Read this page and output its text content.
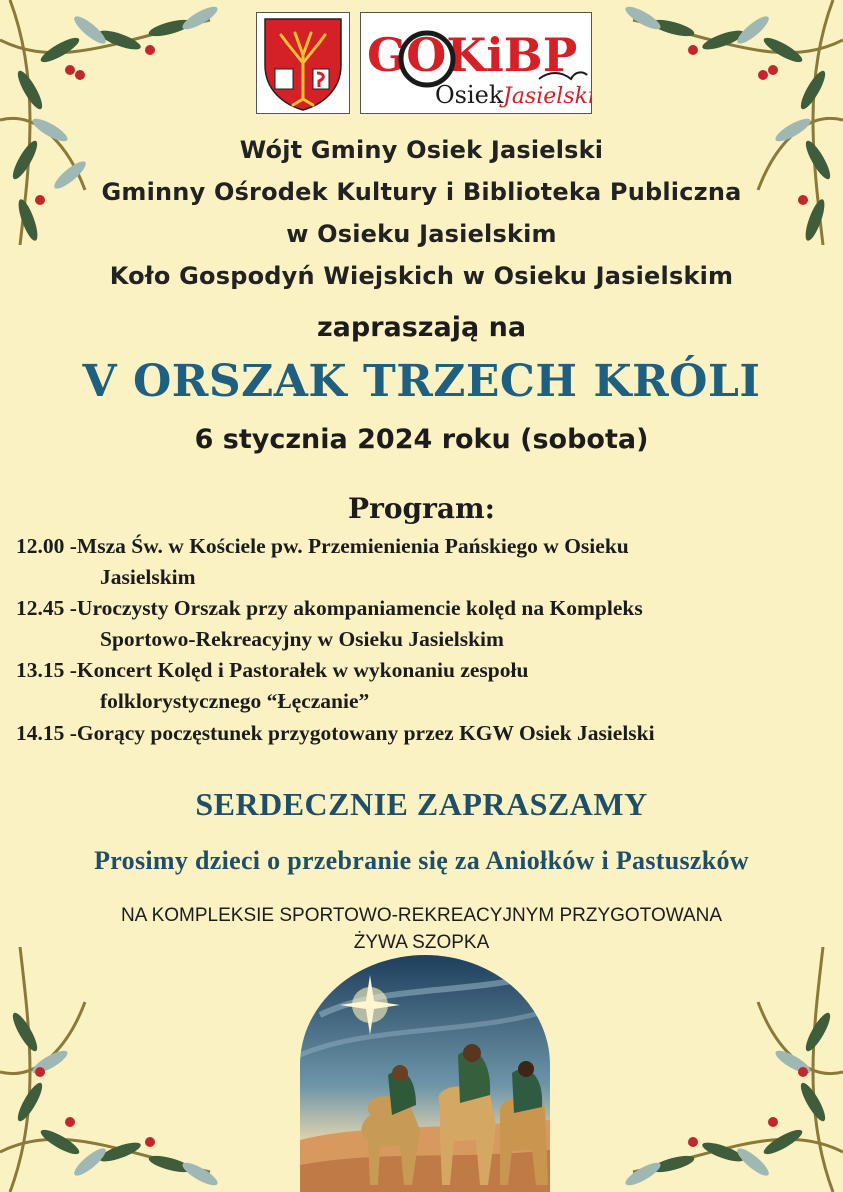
GOKiBP
Osiek Jasielski
Wójt Gminy Osiek Jasielski
Gminny Ośrodek Kultury i Biblioteka Publiczna
w Osieku Jasielskim
Koło Gospodyń Wiejskich w Osieku Jasielskim
zapraszają na
V ORSZAK TRZECH KRÓLI
6 stycznia 2024 roku (sobota)
Program:
12.00 -Msza Św. w Kościele pw. Przemienienia Pańskiego w Osieku
Jasielskim
12.45 -Uroczysty Orszak przy akompaniamencie kolęd na Kompleks
Sportowo-Rekreacyjny w Osieku Jasielskim
13.15 -Koncert Kolęd i Pastorałek w wykonaniu zespołu
folklorystycznego “Łęczanie”
14.15 -Gorący poczęstunek przygotowany przez KGW Osiek Jasielski
SERDECZNIE ZAPRASZAMY
Prosimy dzieci o przebranie się za Aniołków i Pastuszków
NA KOMPLEKSIE SPORTOWO-REKREACYJNYM PRZYGOTOWANA
ŻYWA SZOPKA
